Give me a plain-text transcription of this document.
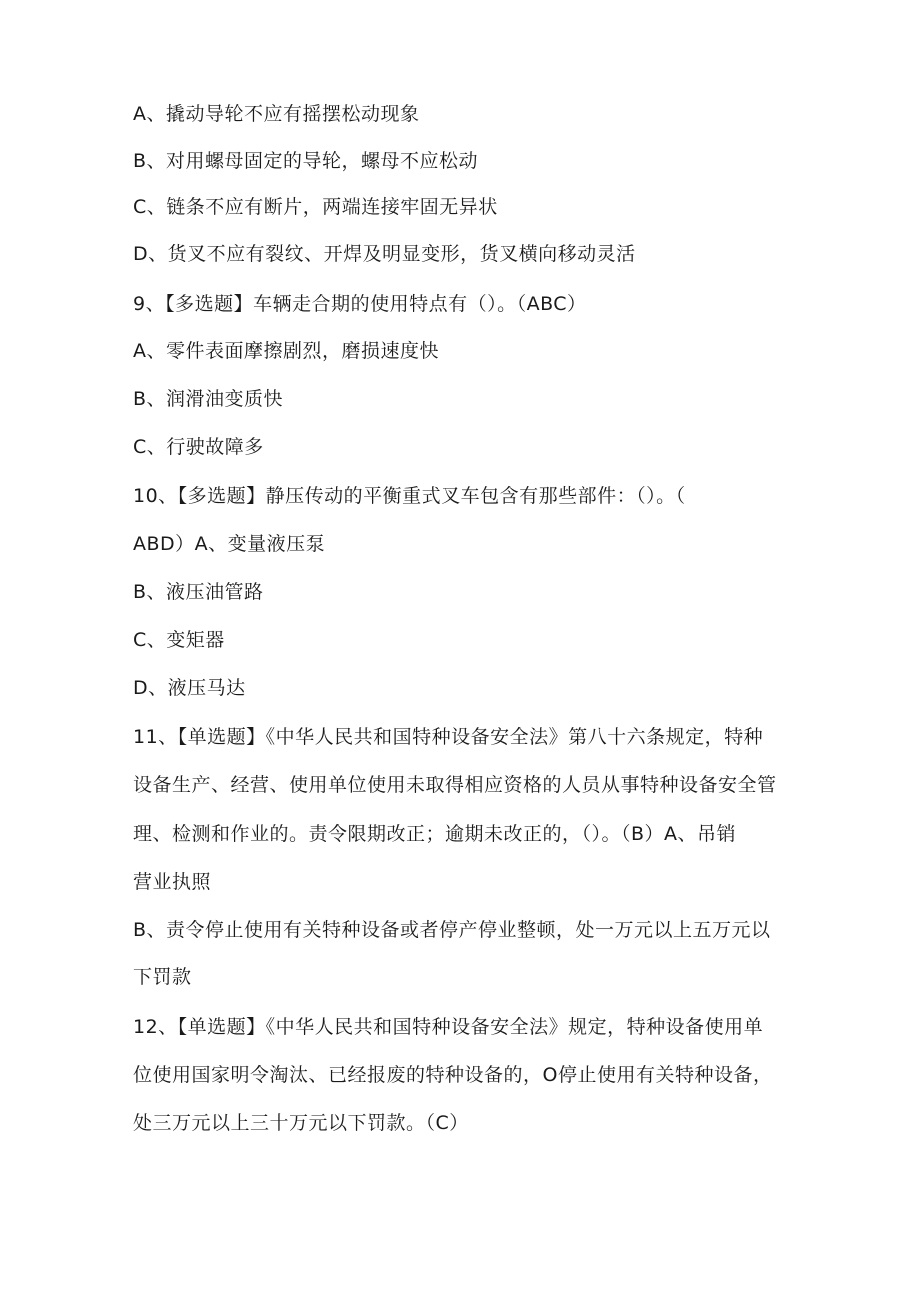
A、撬动导轮不应有摇摆松动现象
B、对用螺母固定的导轮，螺母不应松动
C、链条不应有断片，两端连接牢固无异状
D、货叉不应有裂纹、开焊及明显变形，货叉横向移动灵活
9、【多选题】车辆走合期的使用特点有（）。（ABC）
A、零件表面摩擦剧烈，磨损速度快
B、润滑油变质快
C、行驶故障多
10、【多选题】静压传动的平衡重式叉车包含有那些部件：（）。（
ABD）A、变量液压泵
B、液压油管路
C、变矩器
D、液压马达
11、【单选题】《中华人民共和国特种设备安全法》第八十六条规定，特种
设备生产、经营、使用单位使用未取得相应资格的人员从事特种设备安全管
理、检测和作业的。责令限期改正；逾期未改正的，（）。（B）A、吊销
营业执照
B、责令停止使用有关特种设备或者停产停业整顿，处一万元以上五万元以
下罚款
12、【单选题】《中华人民共和国特种设备安全法》规定，特种设备使用单
位使用国家明令淘汰、已经报废的特种设备的，O停止使用有关特种设备，
处三万元以上三十万元以下罚款。（C）
